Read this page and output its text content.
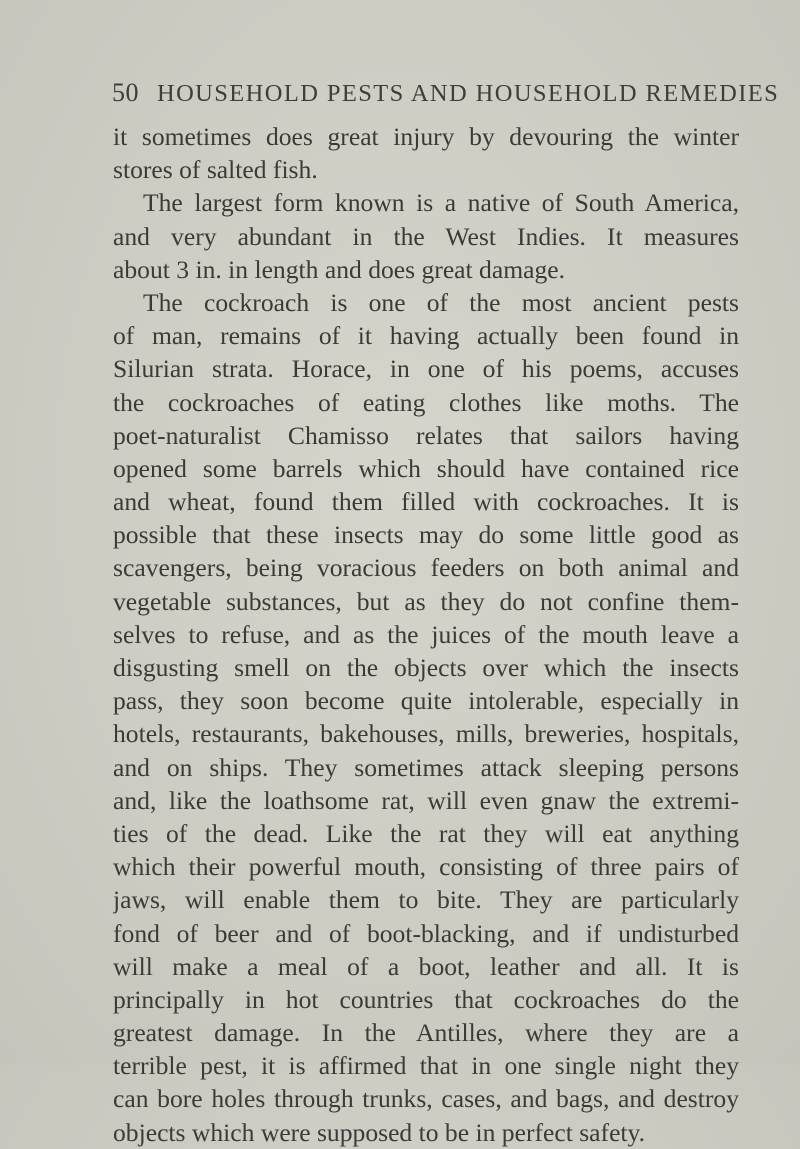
50 HOUSEHOLD PESTS AND HOUSEHOLD REMEDIES
it sometimes does great injury by devouring the winter
stores of salted fish.
The largest form known is a native of South America,
and very abundant in the West Indies. It measures
about 3 in. in length and does great damage.
The cockroach is one of the most ancient pests
of man, remains of it having actually been found in
Silurian strata. Horace, in one of his poems, accuses
the cockroaches of eating clothes like moths. The
poet-naturalist Chamisso relates that sailors having
opened some barrels which should have contained rice
and wheat, found them filled with cockroaches. It is
possible that these insects may do some little good as
scavengers, being voracious feeders on both animal and
vegetable substances, but as they do not confine them-
selves to refuse, and as the juices of the mouth leave a
disgusting smell on the objects over which the insects
pass, they soon become quite intolerable, especially in
hotels, restaurants, bakehouses, mills, breweries, hospitals,
and on ships. They sometimes attack sleeping persons
and, like the loathsome rat, will even gnaw the extremi-
ties of the dead. Like the rat they will eat anything
which their powerful mouth, consisting of three pairs of
jaws, will enable them to bite. They are particularly
fond of beer and of boot-blacking, and if undisturbed
will make a meal of a boot, leather and all. It is
principally in hot countries that cockroaches do the
greatest damage. In the Antilles, where they are a
terrible pest, it is affirmed that in one single night they
can bore holes through trunks, cases, and bags, and destroy
objects which were supposed to be in perfect safety.
